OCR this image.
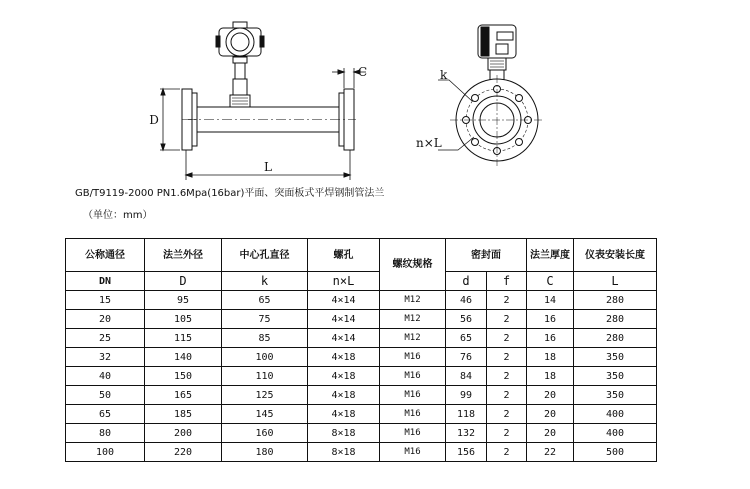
D
L
C	k
n×L
GB/T9119-2000 PN1.6Mpa(16bar)平面、突面板式平焊钢制管法兰
（单位：mm）
公称通径	法兰外径	中心孔直径	螺孔	螺纹规格	密封面		法兰厚度	仪表安装长度
DN	D	k	n×L		d	f	C	L
15	95	65	4×14	M12	46	2	14	280
20	105	75	4×14	M12	56	2	16	280
25	115	85	4×14	M12	65	2	16	280
32	140	100	4×18	M16	76	2	18	350
40	150	110	4×18	M16	84	2	18	350
50	165	125	4×18	M16	99	2	20	350
65	185	145	4×18	M16	118	2	20	400
80	200	160	8×18	M16	132	2	20	400
100	220	180	8×18	M16	156	2	22	500
